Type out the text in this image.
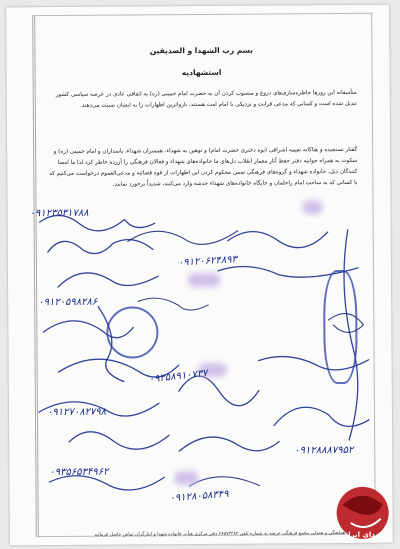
بسم رب الشهدا و الصدیقین
استشهادیه
متأسفانه این روزها خاطره‌سازی‌های دروغ و منسوب کردن آن به حضرت امام خمینی (ره) به اتفاقی عادی در عرصه سیاسی کشور تبدیل شده است و کسانی که مدعی قرابت و نزدیکی با امام امت هستند، ناروا‌ترین اظهارات را به ایشان نسبت می‌دهند.
گفتار نسنجیده و هتاکانه نعیمه اشراقی (نوه دختری حضرت امام) و توهین به شهداء، همسران شهداء، پاسداران و امام خمینی (ره) و سکوت به همراه جوابیه دفتر حفظ آثار معمار انقلاب دل‌های ما خانواده‌های شهداء و فعالان فرهنگی را آزرده خاطر کرد لذا ما امضا کنندگان ذیل، خانواده شهداء و گروه‌های فرهنگی ضمن محکوم کردن این اظهارات از قوه قضائیه و مدعی‌العموم درخواست می‌کنیم که با کسانی که به ساحت امام راحلمان و جایگاه خانواده‌های شهداء خدشه وارد می‌کنند، شدیداً برخورد نمایند.
۰۹۱۲۳۵۳۱۷۸۸
۰۹۱۲۰۶۲۴۸۹۳
۰۹۱۲۰۵۹۸۲۸۶
۰۹۳۵۸۹۱۰۷۳۷
۰۹۱۲۷۰۸۲۷۹۸
۰۹۳۵۶۵۳۴۹۶۲
۰۹۱۲۸۸۸۷۹۵۲
۰۹۱۲۸۰۵۸۳۴۹
هماهنگی و همدلی مجمع فرهنگی عرصه به شماره تلفن ۶۶۵۷۴۲۸۳ دفتر مرکزی هیأت خانواده شهدا و ایثارگران تماس حاصل فرمائید
شهدای ایران
